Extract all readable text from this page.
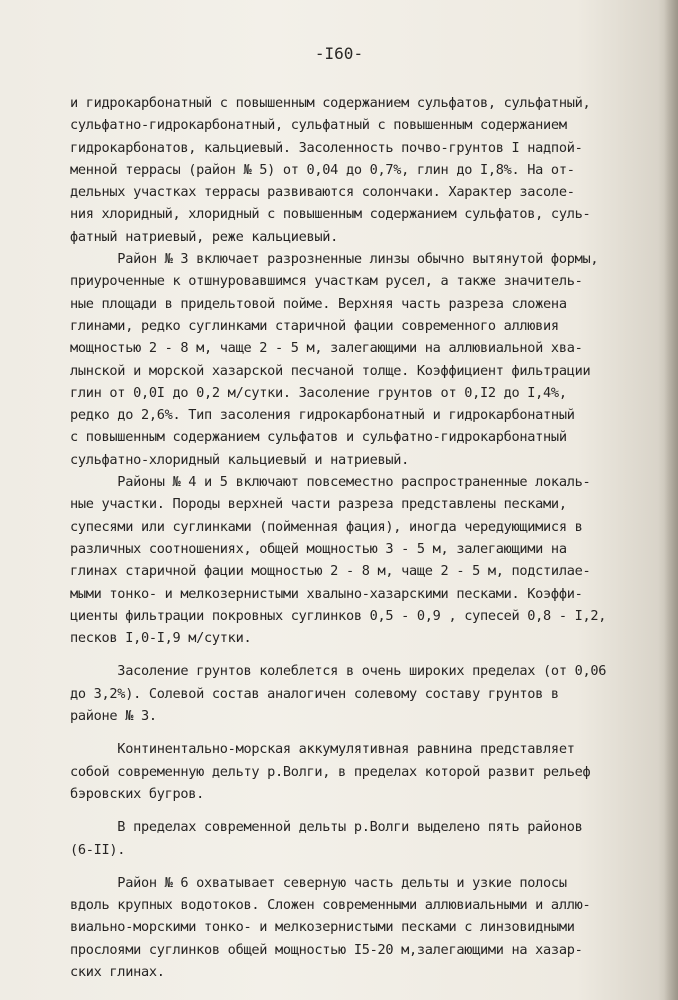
-I60-
и гидрокарбонатный с повышенным содержанием сульфатов, сульфатный,
сульфатно-гидрокарбонатный, сульфатный с повышенным содержанием
гидрокарбонатов, кальциевый. Засоленность почво-грунтов I надпой-
менной террасы (район № 5) от 0,04 до 0,7%, глин до I,8%. На от-
дельных участках террасы развиваются солончаки. Характер засоле-
ния хлоридный, хлоридный с повышенным содержанием сульфатов, суль-
фатный натриевый, реже кальциевый.
Район № 3 включает разрозненные линзы обычно вытянутой формы,
приуроченные к отшнуровавшимся участкам русел, а также значитель-
ные площади в придельтовой пойме. Верхняя часть разреза сложена
глинами, редко суглинками старичной фации современного аллювия
мощностью 2 - 8 м, чаще 2 - 5 м, залегающими на аллювиальной хва-
лынской и морской хазарской песчаной толще. Коэффициент фильтрации
глин от 0,0I до 0,2 м/сутки. Засоление грунтов от 0,I2 до I,4%,
редко до 2,6%. Тип засоления гидрокарбонатный и гидрокарбонатный
с повышенным содержанием сульфатов и сульфатно-гидрокарбонатный
сульфатно-хлоридный кальциевый и натриевый.
Районы № 4 и 5 включают повсеместно распространенные локаль-
ные участки. Породы верхней части разреза представлены песками,
супесями или суглинками (пойменная фация), иногда чередующимися в
различных соотношениях, общей мощностью 3 - 5 м, залегающими на
глинах старичной фации мощностью 2 - 8 м, чаще 2 - 5 м, подстилае-
мыми тонко- и мелкозернистыми хвалыно-хазарскими песками. Коэффи-
циенты фильтрации покровных суглинков 0,5 - 0,9 , супесей 0,8 - I,2,
песков I,0-I,9 м/сутки.
Засоление грунтов колеблется в очень широких пределах (от 0,06
до 3,2%). Солевой состав аналогичен солевому составу грунтов в
районе № 3.
Континентально-морская аккумулятивная равнина представляет
собой современную дельту р.Волги, в пределах которой развит рельеф
бэровских бугров.
В пределах современной дельты р.Волги выделено пять районов
(6-II).
Район № 6 охватывает северную часть дельты и узкие полосы
вдоль крупных водотоков. Сложен современными аллювиальными и аллю-
виально-морскими тонко- и мелкозернистыми песками с линзовидными
прослоями суглинков общей мощностью I5-20 м,залегающими на хазар-
ских глинах.
